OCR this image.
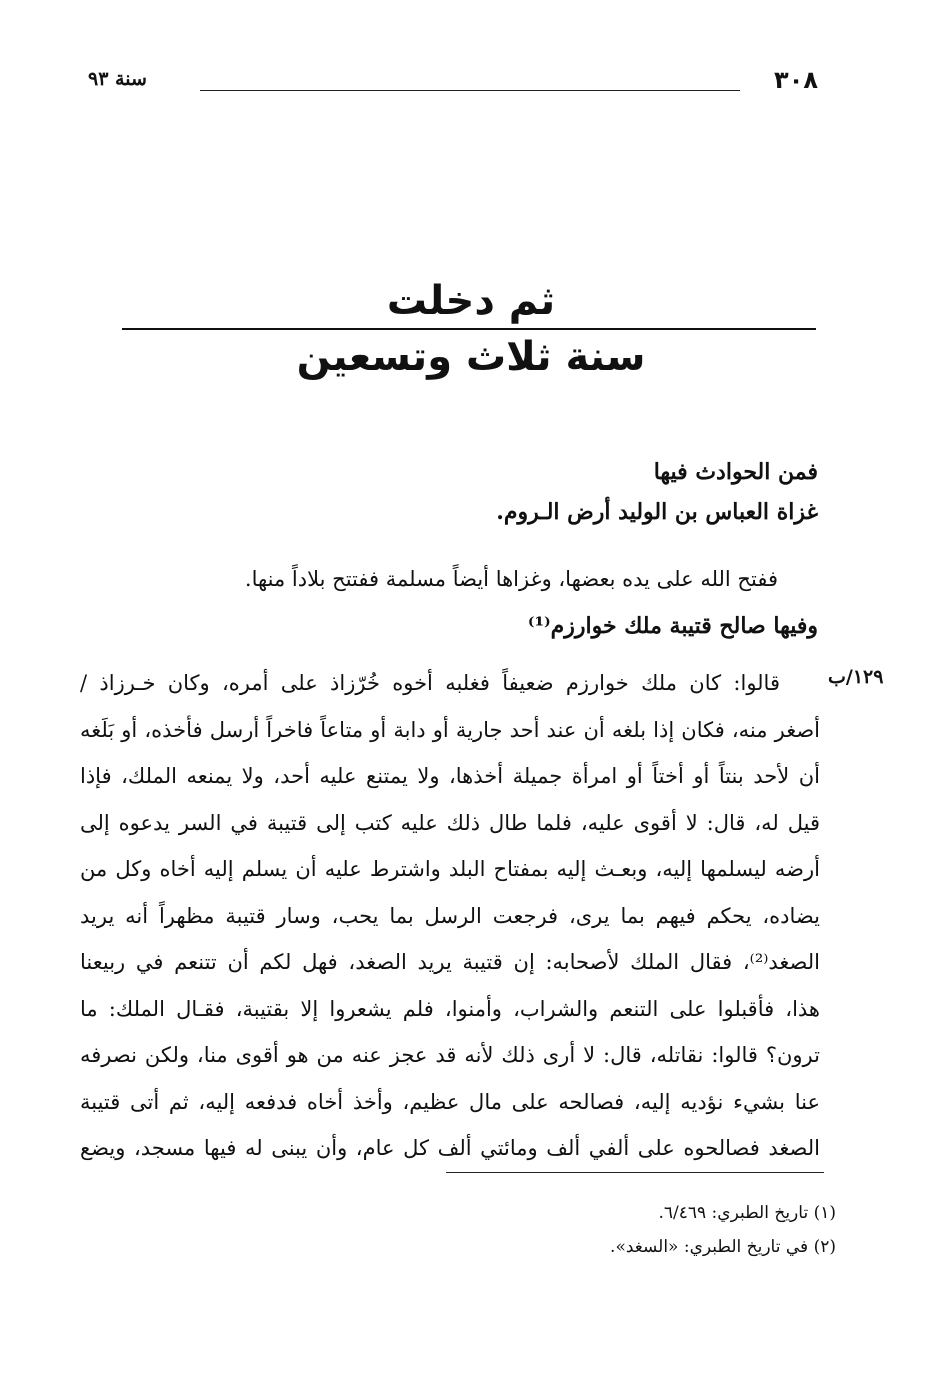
٣٠٨
سنة ٩٣
ثم دخلت
سنة ثلاث وتسعين
فمن الحوادث فيها
غزاة العباس بن الوليد أرض الـروم.
ففتح الله على يده بعضها، وغزاها أيضاً مسلمة ففتتح بلاداً منها.
وفيها صالح قتيبة ملك خوارزم⁽¹⁾
١٢٩/ب
قالوا: كان ملك خوارزم ضعيفاً فغلبه أخوه خُرّزاذ على أمره، وكان خـرزاذ /
أصغر منه، فكان إذا بلغه أن عند أحد جارية أو دابة أو متاعاً فاخراً أرسل فأخذه، أو بَلَغه
أن لأحد بنتاً أو أختاً أو امرأة جميلة أخذها، ولا يمتنع عليه أحد، ولا يمنعه الملك، فإذا
قيل له، قال: لا أقوى عليه، فلما طال ذلك عليه كتب إلى قتيبة في السر يدعوه إلى
أرضه ليسلمها إليه، وبعـث إليه بمفتاح البلد واشترط عليه أن يسلم إليه أخاه وكل من
يضاده، يحكم فيهم بما يرى، فرجعت الرسل بما يحب، وسار قتيبة مظهراً أنه يريد
الصغد⁽²⁾، فقال الملك لأصحابه: إن قتيبة يريد الصغد، فهل لكم أن تتنعم في ربيعنا
هذا، فأقبلوا على التنعم والشراب، وأمنوا، فلم يشعروا إلا بقتيبة، فقـال الملك: ما
ترون؟ قالوا: نقاتله، قال: لا أرى ذلك لأنه قد عجز عنه من هو أقوى منا، ولكن نصرفه
عنا بشيء نؤديه إليه، فصالحه على مال عظيم، وأخذ أخاه فدفعه إليه، ثم أتى قتيبة
الصغد فصالحوه على ألفي ألف ومائتي ألف كل عام، وأن يبنى له فيها مسجد، ويضع
(١) تاريخ الطبري: ٦/٤٦٩.
(٢) في تاريخ الطبري: «السغد».
